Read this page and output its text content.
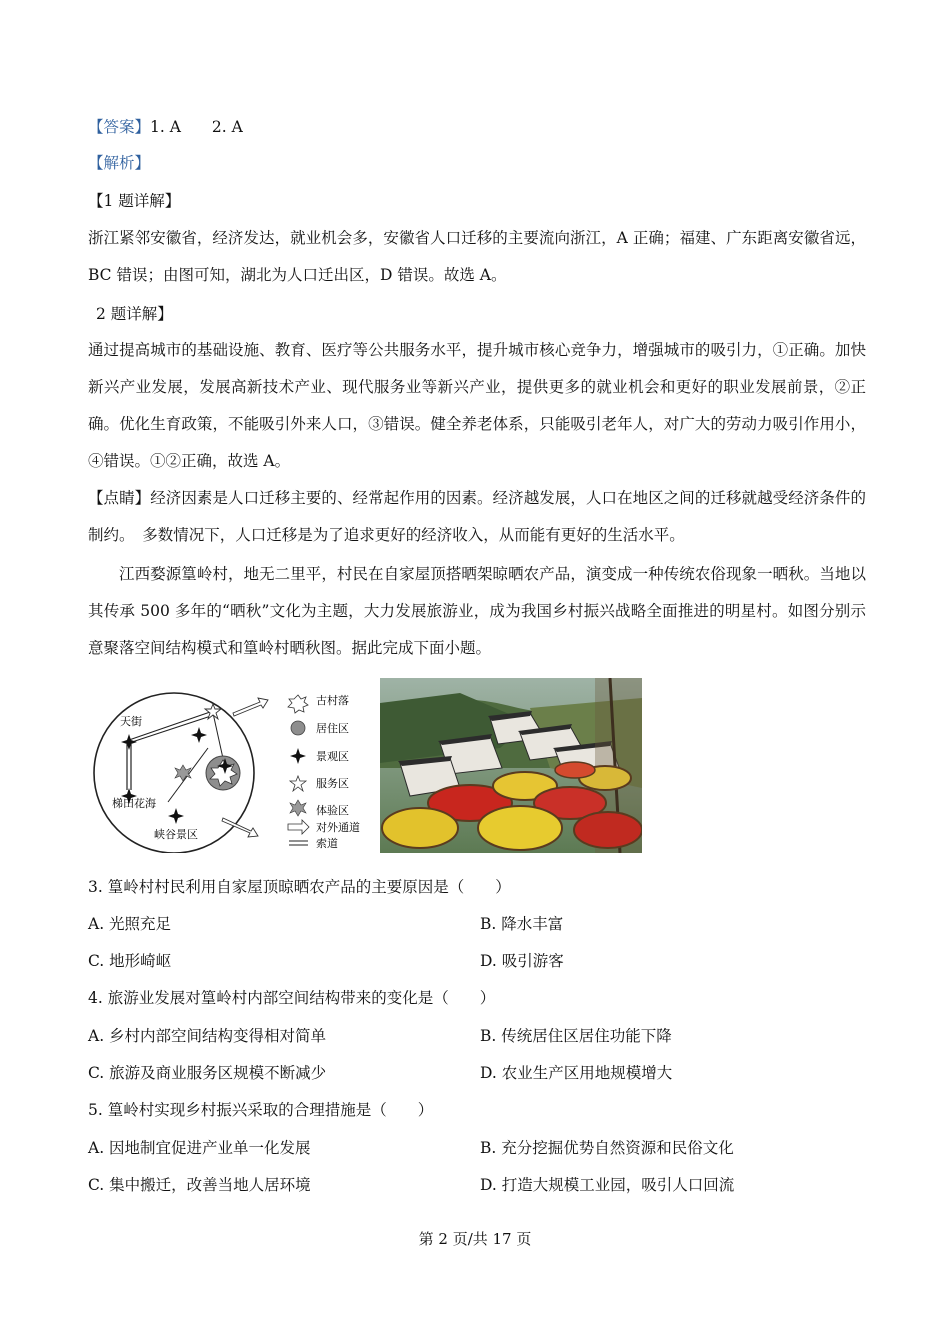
【答案】1. A　　2. A
【解析】
【1 题详解】
浙江紧邻安徽省，经济发达，就业机会多，安徽省人口迁移的主要流向浙江，A 正确；福建、广东距离安徽省远，BC 错误；由图可知，湖北为人口迁出区，D 错误。故选 A。
2 题详解】
通过提高城市的基础设施、教育、医疗等公共服务水平，提升城市核心竞争力，增强城市的吸引力，①正确。加快新兴产业发展，发展高新技术产业、现代服务业等新兴产业，提供更多的就业机会和更好的职业发展前景，②正确。优化生育政策，不能吸引外来人口，③错误。健全养老体系，只能吸引老年人，对广大的劳动力吸引作用小，④错误。①②正确，故选 A。
【点睛】经济因素是人口迁移主要的、经常起作用的因素。经济越发展，人口在地区之间的迁移就越受经济条件的制约。　多数情况下，人口迁移是为了追求更好的经济收入，从而能有更好的生活水平。
江西婺源篁岭村，地无二里平，村民在自家屋顶搭晒架晾晒农产品，演变成一种传统农俗现象一晒秋。当地以其传承 500 多年的“晒秋”文化为主题，大力发展旅游业，成为我国乡村振兴战略全面推进的明星村。如图分别示意聚落空间结构模式和篁岭村晒秋图。据此完成下面小题。
天街
梯田花海
峡谷景区
古村落
居住区
景观区
服务区
体验区
对外通道
索道
3. 篁岭村村民利用自家屋顶晾晒农产品的主要原因是（　　）
A. 光照充足	B. 降水丰富
C. 地形崎岖	D. 吸引游客
4. 旅游业发展对篁岭村内部空间结构带来的变化是（　　）
A. 乡村内部空间结构变得相对简单	B. 传统居住区居住功能下降
C. 旅游及商业服务区规模不断减少	D. 农业生产区用地规模增大
5. 篁岭村实现乡村振兴采取的合理措施是（　　）
A. 因地制宜促进产业单一化发展	B. 充分挖掘优势自然资源和民俗文化
C. 集中搬迁，改善当地人居环境	D. 打造大规模工业园，吸引人口回流
第 2 页/共 17 页
